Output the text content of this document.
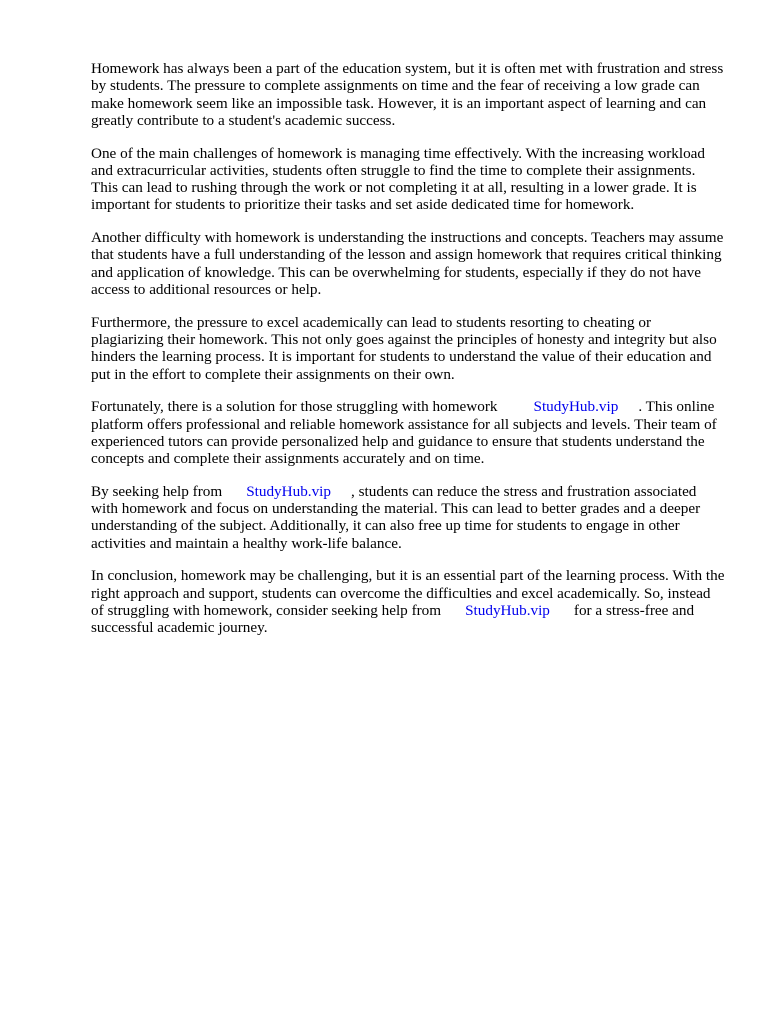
Homework has always been a part of the education system, but it is often met with frustration and stress by students. The pressure to complete assignments on time and the fear of receiving a low grade can make homework seem like an impossible task. However, it is an important aspect of learning and can greatly contribute to a student's academic success.

One of the main challenges of homework is managing time effectively. With the increasing workload and extracurricular activities, students often struggle to find the time to complete their assignments. This can lead to rushing through the work or not completing it at all, resulting in a lower grade. It is important for students to prioritize their tasks and set aside dedicated time for homework.

Another difficulty with homework is understanding the instructions and concepts. Teachers may assume that students have a full understanding of the lesson and assign homework that requires critical thinking and application of knowledge. This can be overwhelming for students, especially if they do not have access to additional resources or help.

Furthermore, the pressure to excel academically can lead to students resorting to cheating or plagiarizing their homework. This not only goes against the principles of honesty and integrity but also hinders the learning process. It is important for students to understand the value of their education and put in the effort to complete their assignments on their own.

Fortunately, there is a solution for those struggling with homework StudyHub.vip . This online platform offers professional and reliable homework assistance for all subjects and levels. Their team of experienced tutors can provide personalized help and guidance to ensure that students understand the concepts and complete their assignments accurately and on time.

By seeking help from StudyHub.vip , students can reduce the stress and frustration associated with homework and focus on understanding the material. This can lead to better grades and a deeper understanding of the subject. Additionally, it can also free up time for students to engage in other activities and maintain a healthy work-life balance.

In conclusion, homework may be challenging, but it is an essential part of the learning process. With the right approach and support, students can overcome the difficulties and excel academically. So, instead of struggling with homework, consider seeking help from StudyHub.vip for a stress-free and successful academic journey.
